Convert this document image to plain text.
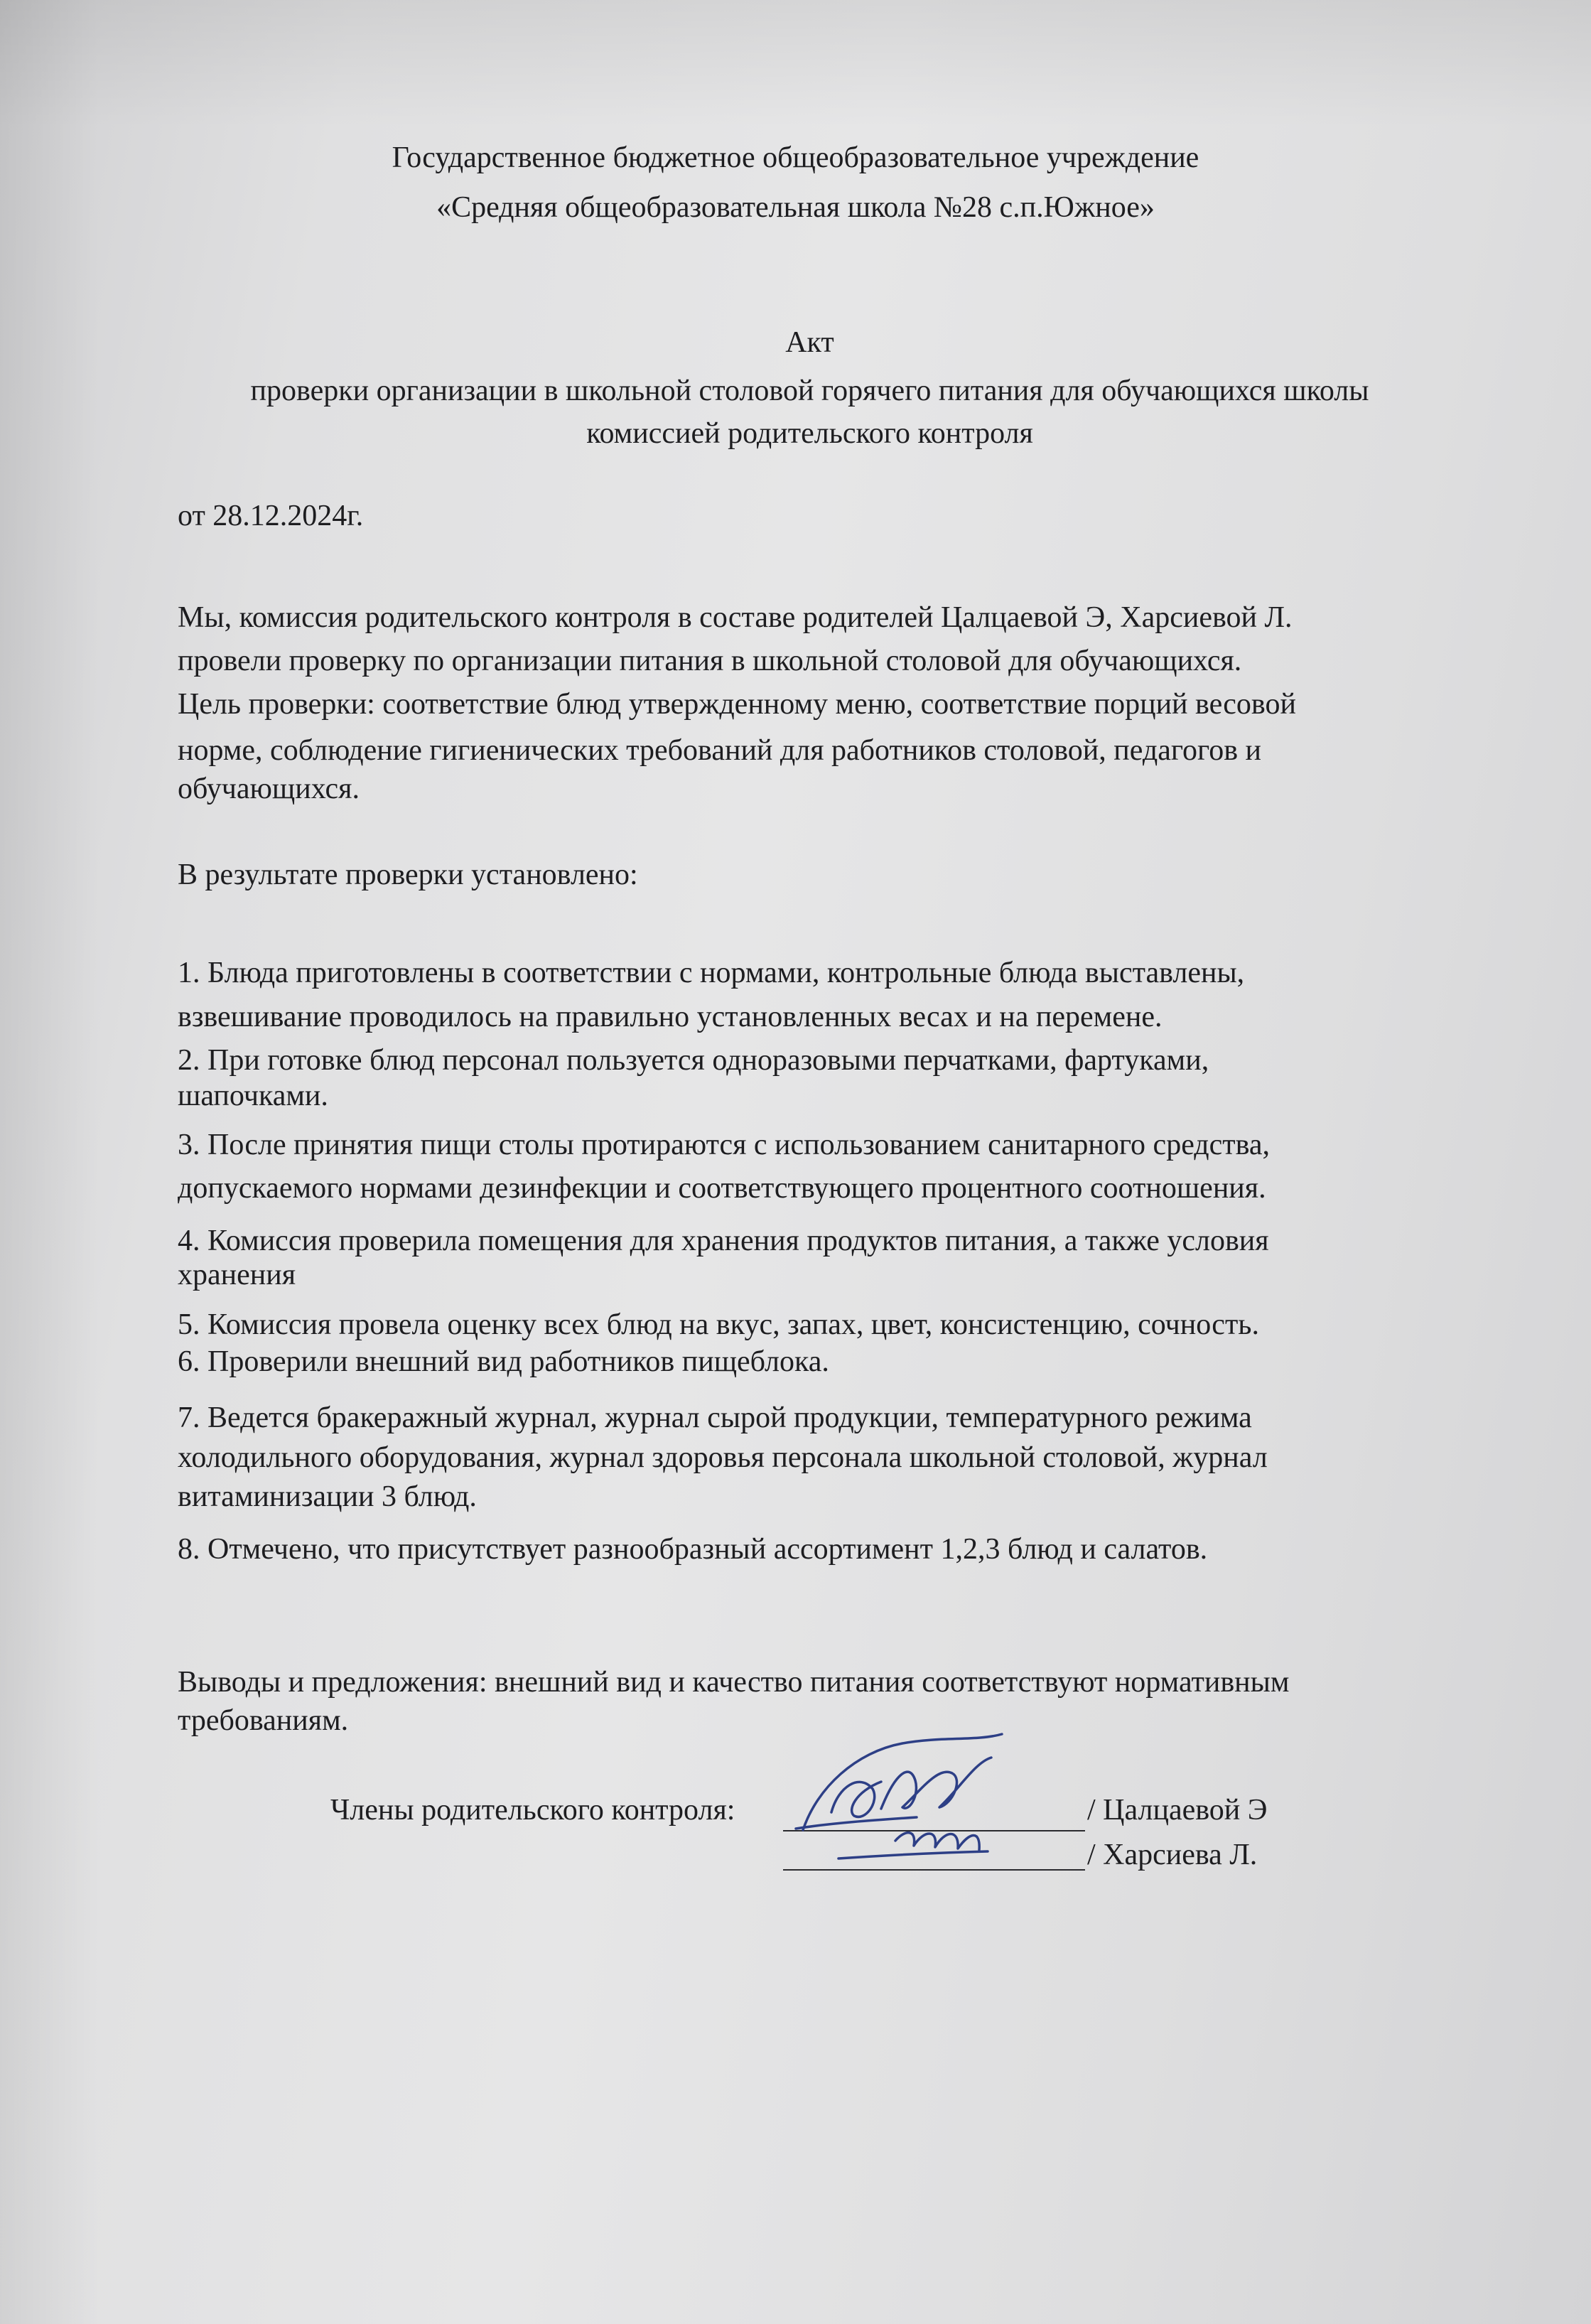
Государственное бюджетное общеобразовательное учреждение

«Средняя общеобразовательная школа №28 с.п.Южное»

Акт

проверки организации в школьной столовой горячего питания для обучающихся школы

комиссией родительского контроля

от 28.12.2024г.

Мы, комиссия родительского контроля в составе родителей Цалцаевой Э, Харсиевой Л.

провели проверку по организации питания в школьной столовой для обучающихся.

Цель проверки: соответствие блюд утвержденному меню, соответствие порций весовой

норме, соблюдение гигиенических требований для работников столовой, педагогов и

обучающихся.

В результате проверки установлено:

1. Блюда приготовлены в соответствии с нормами, контрольные блюда выставлены,

взвешивание проводилось на правильно установленных весах и на перемене.

2. При готовке блюд персонал пользуется одноразовыми перчатками, фартуками,

шапочками.

3. После принятия пищи столы протираются с использованием санитарного средства,

допускаемого нормами дезинфекции и соответствующего процентного соотношения.

4. Комиссия проверила помещения для хранения продуктов питания, а также условия

хранения

5. Комиссия провела оценку всех блюд на вкус, запах, цвет, консистенцию, сочность.

6. Проверили внешний вид работников пищеблока.

7. Ведется бракеражный журнал, журнал сырой продукции, температурного режима

холодильного оборудования, журнал здоровья персонала школьной столовой, журнал

витаминизации 3 блюд.

8. Отмечено, что присутствует разнообразный ассортимент 1,2,3 блюд и салатов.

Выводы и предложения: внешний вид и качество питания соответствуют нормативным

требованиям.

Члены родительского контроля:	/ Цалцаевой Э

/ Харсиева Л.
